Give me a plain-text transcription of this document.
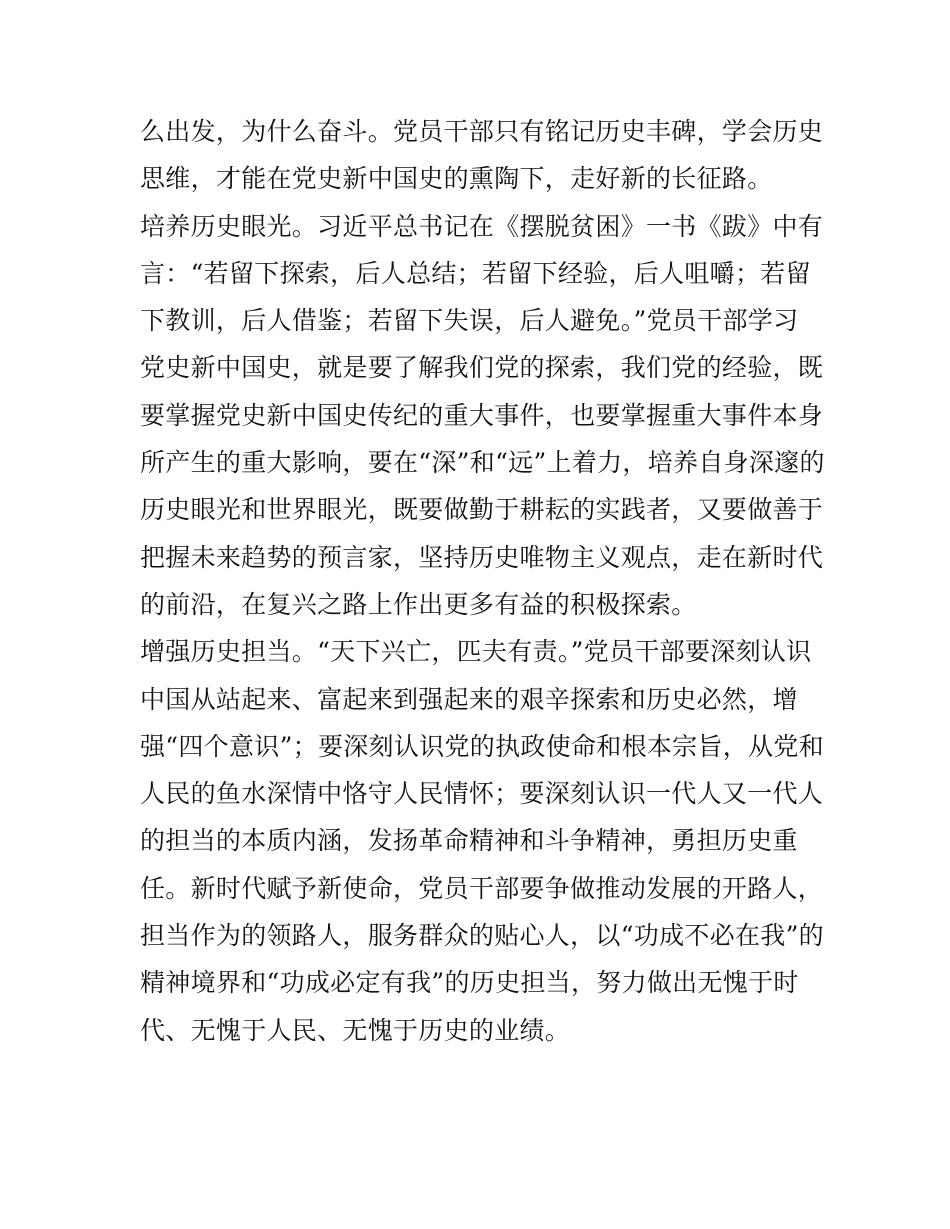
么出发，为什么奋斗。党员干部只有铭记历史丰碑，学会历史
思维，才能在党史新中国史的熏陶下，走好新的长征路。
培养历史眼光。习近平总书记在《摆脱贫困》一书《跋》中有
言：“若留下探索，后人总结；若留下经验，后人咀嚼；若留
下教训，后人借鉴；若留下失误，后人避免。”党员干部学习
党史新中国史，就是要了解我们党的探索，我们党的经验，既
要掌握党史新中国史传纪的重大事件，也要掌握重大事件本身
所产生的重大影响，要在“深”和“远”上着力，培养自身深邃的
历史眼光和世界眼光，既要做勤于耕耘的实践者，又要做善于
把握未来趋势的预言家，坚持历史唯物主义观点，走在新时代
的前沿，在复兴之路上作出更多有益的积极探索。
增强历史担当。“天下兴亡，匹夫有责。”党员干部要深刻认识
中国从站起来、富起来到强起来的艰辛探索和历史必然，增
强“四个意识”；要深刻认识党的执政使命和根本宗旨，从党和
人民的鱼水深情中恪守人民情怀；要深刻认识一代人又一代人
的担当的本质内涵，发扬革命精神和斗争精神，勇担历史重
任。新时代赋予新使命，党员干部要争做推动发展的开路人，
担当作为的领路人，服务群众的贴心人，以“功成不必在我”的
精神境界和“功成必定有我”的历史担当，努力做出无愧于时
代、无愧于人民、无愧于历史的业绩。
